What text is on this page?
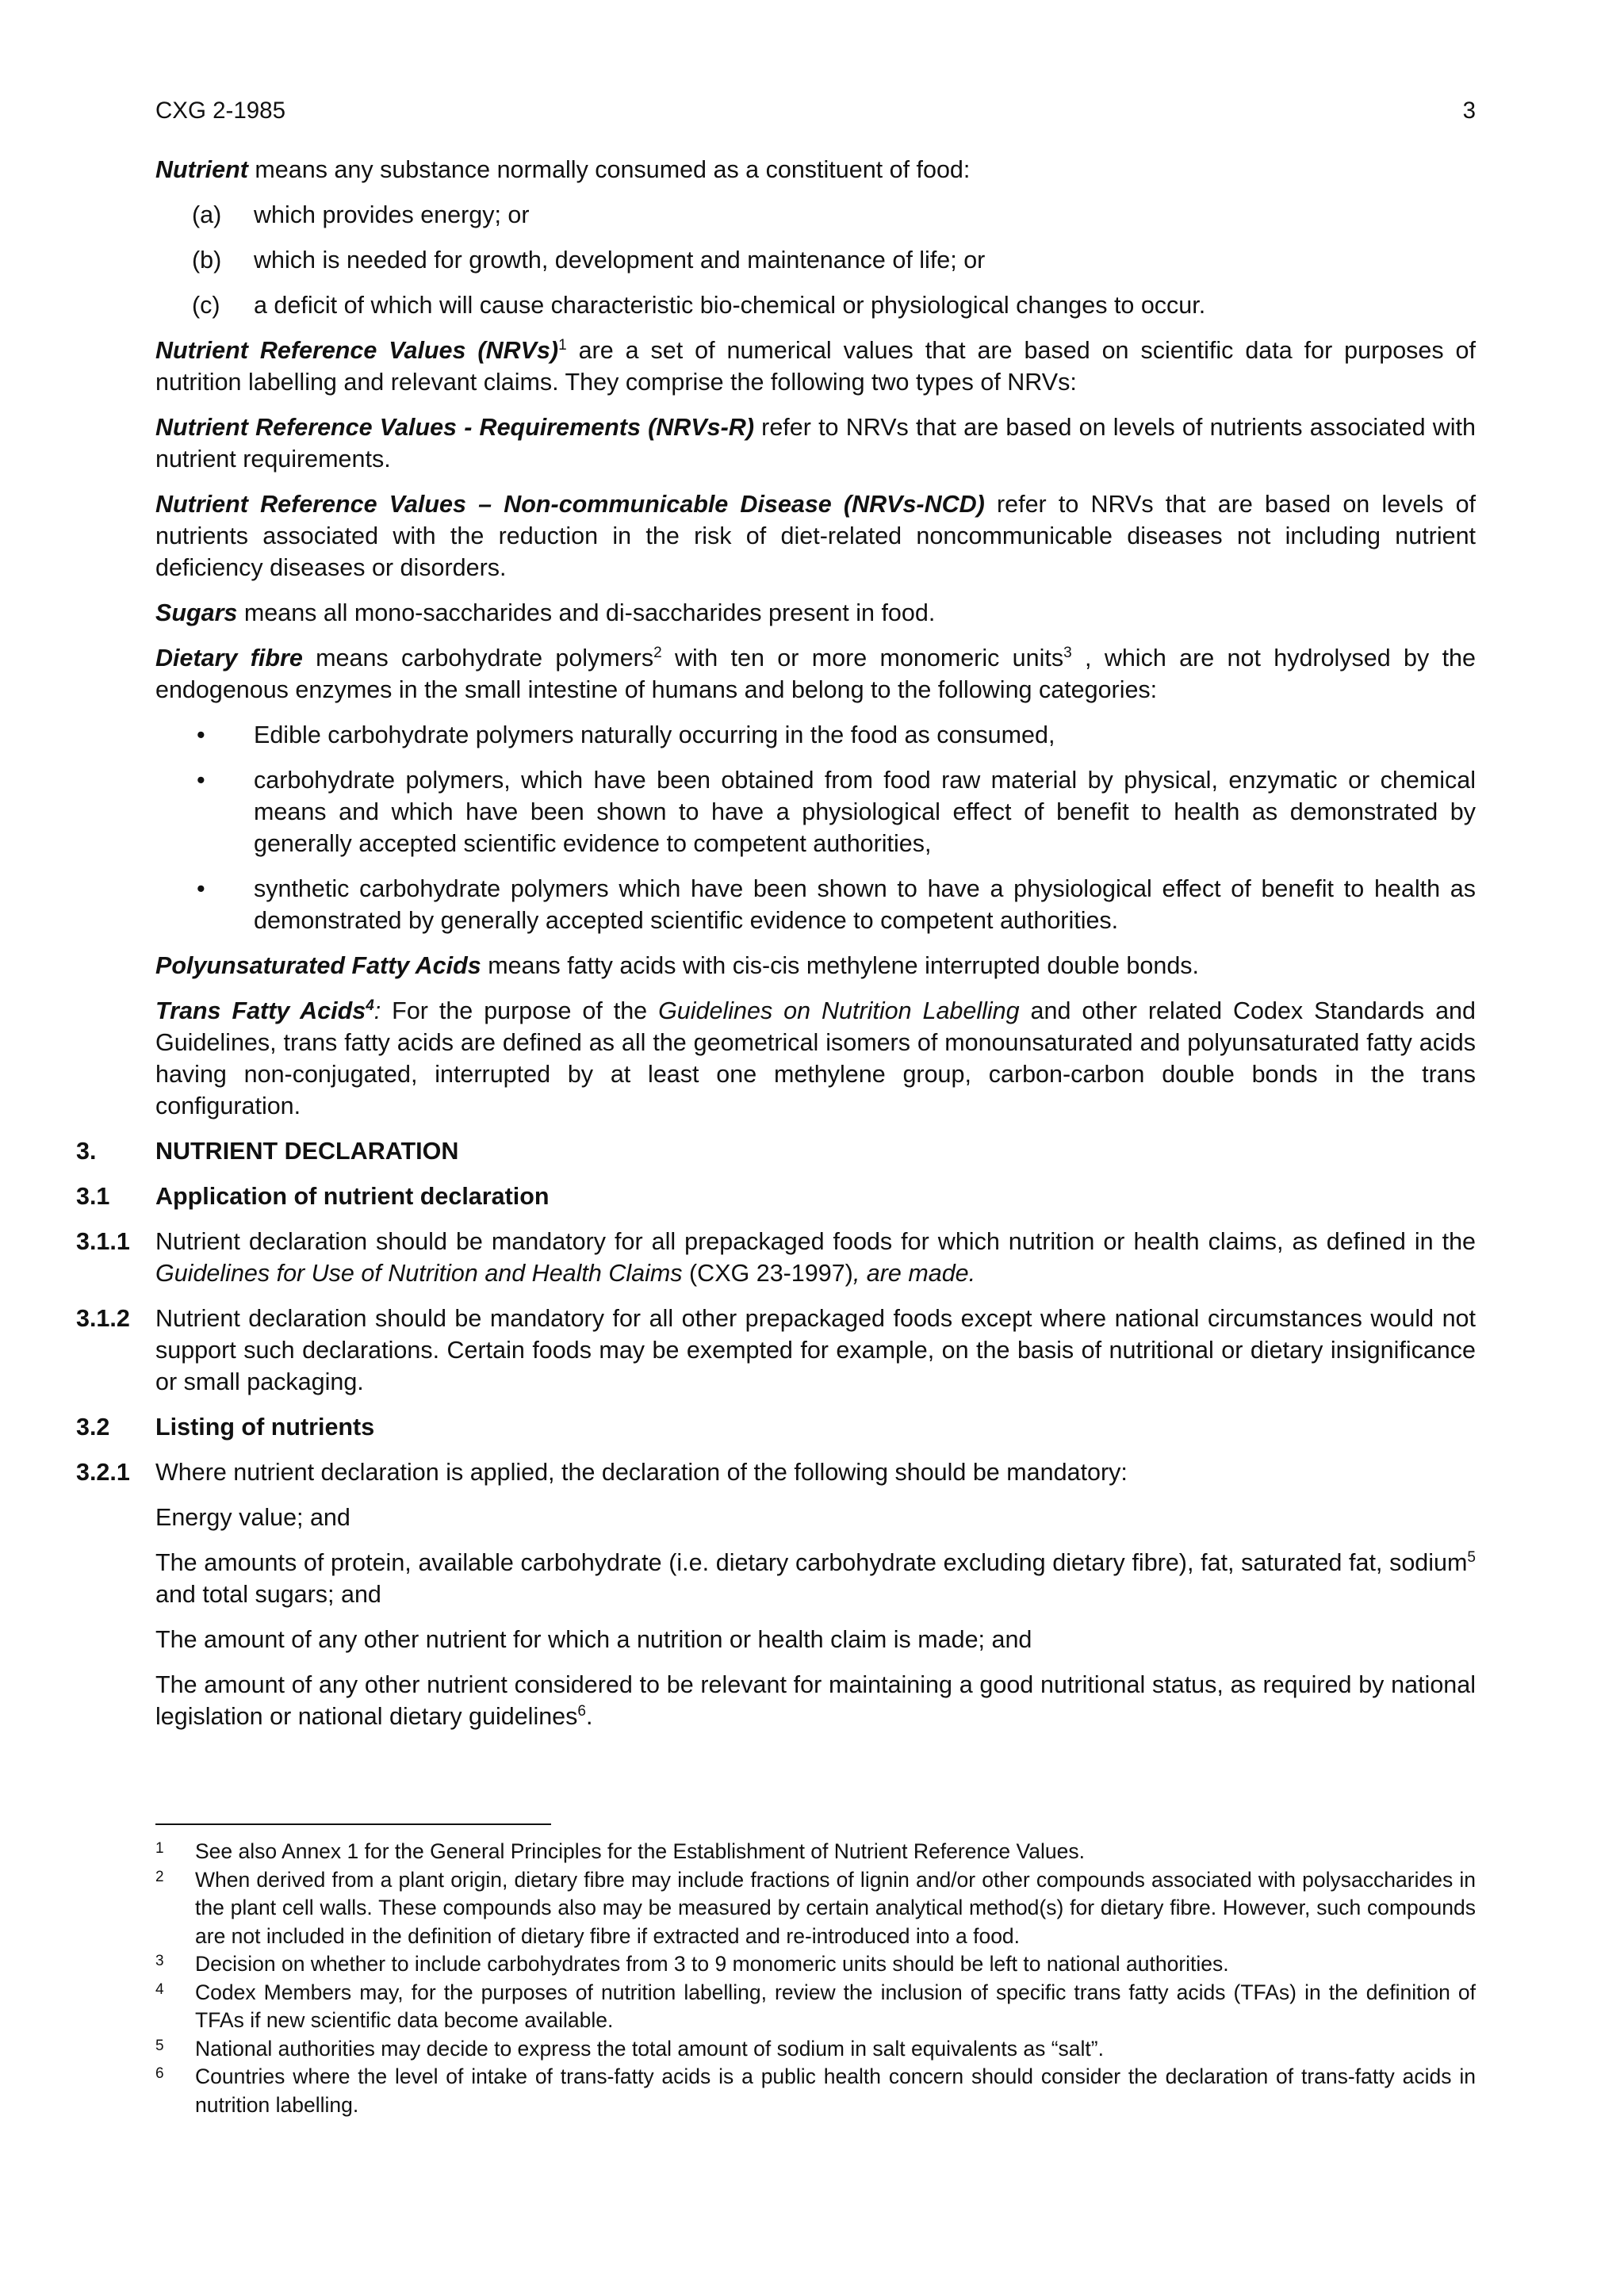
CXG 2-1985	3

Nutrient means any substance normally consumed as a constituent of food:

(a) which provides energy; or
(b) which is needed for growth, development and maintenance of life; or
(c) a deficit of which will cause characteristic bio-chemical or physiological changes to occur.

Nutrient Reference Values (NRVs)$^1$ are a set of numerical values that are based on scientific data for purposes of nutrition labelling and relevant claims. They comprise the following two types of NRVs:

Nutrient Reference Values - Requirements (NRVs-R) refer to NRVs that are based on levels of nutrients associated with nutrient requirements.

Nutrient Reference Values – Non-communicable Disease (NRVs-NCD) refer to NRVs that are based on levels of nutrients associated with the reduction in the risk of diet-related noncommunicable diseases not including nutrient deficiency diseases or disorders.

Sugars means all mono-saccharides and di-saccharides present in food.

Dietary fibre means carbohydrate polymers$^2$ with ten or more monomeric units$^3$ , which are not hydrolysed by the endogenous enzymes in the small intestine of humans and belong to the following categories:

• Edible carbohydrate polymers naturally occurring in the food as consumed,
• carbohydrate polymers, which have been obtained from food raw material by physical, enzymatic or chemical means and which have been shown to have a physiological effect of benefit to health as demonstrated by generally accepted scientific evidence to competent authorities,
• synthetic carbohydrate polymers which have been shown to have a physiological effect of benefit to health as demonstrated by generally accepted scientific evidence to competent authorities.

Polyunsaturated Fatty Acids means fatty acids with cis-cis methylene interrupted double bonds.

Trans Fatty Acids$^4$: For the purpose of the Guidelines on Nutrition Labelling and other related Codex Standards and Guidelines, trans fatty acids are defined as all the geometrical isomers of monounsaturated and polyunsaturated fatty acids having non-conjugated, interrupted by at least one methylene group, carbon-carbon double bonds in the trans configuration.

3. NUTRIENT DECLARATION
3.1 Application of nutrient declaration
3.1.1 Nutrient declaration should be mandatory for all prepackaged foods for which nutrition or health claims, as defined in the Guidelines for Use of Nutrition and Health Claims (CXG 23-1997), are made.
3.1.2 Nutrient declaration should be mandatory for all other prepackaged foods except where national circumstances would not support such declarations. Certain foods may be exempted for example, on the basis of nutritional or dietary insignificance or small packaging.
3.2 Listing of nutrients
3.2.1 Where nutrient declaration is applied, the declaration of the following should be mandatory:

Energy value; and

The amounts of protein, available carbohydrate (i.e. dietary carbohydrate excluding dietary fibre), fat, saturated fat, sodium$^5$ and total sugars; and

The amount of any other nutrient for which a nutrition or health claim is made; and

The amount of any other nutrient considered to be relevant for maintaining a good nutritional status, as required by national legislation or national dietary guidelines$^6$.

1 See also Annex 1 for the General Principles for the Establishment of Nutrient Reference Values.
2 When derived from a plant origin, dietary fibre may include fractions of lignin and/or other compounds associated with polysaccharides in the plant cell walls. These compounds also may be measured by certain analytical method(s) for dietary fibre. However, such compounds are not included in the definition of dietary fibre if extracted and re-introduced into a food.
3 Decision on whether to include carbohydrates from 3 to 9 monomeric units should be left to national authorities.
4 Codex Members may, for the purposes of nutrition labelling, review the inclusion of specific trans fatty acids (TFAs) in the definition of TFAs if new scientific data become available.
5 National authorities may decide to express the total amount of sodium in salt equivalents as “salt”.
6 Countries where the level of intake of trans-fatty acids is a public health concern should consider the declaration of trans-fatty acids in nutrition labelling.
